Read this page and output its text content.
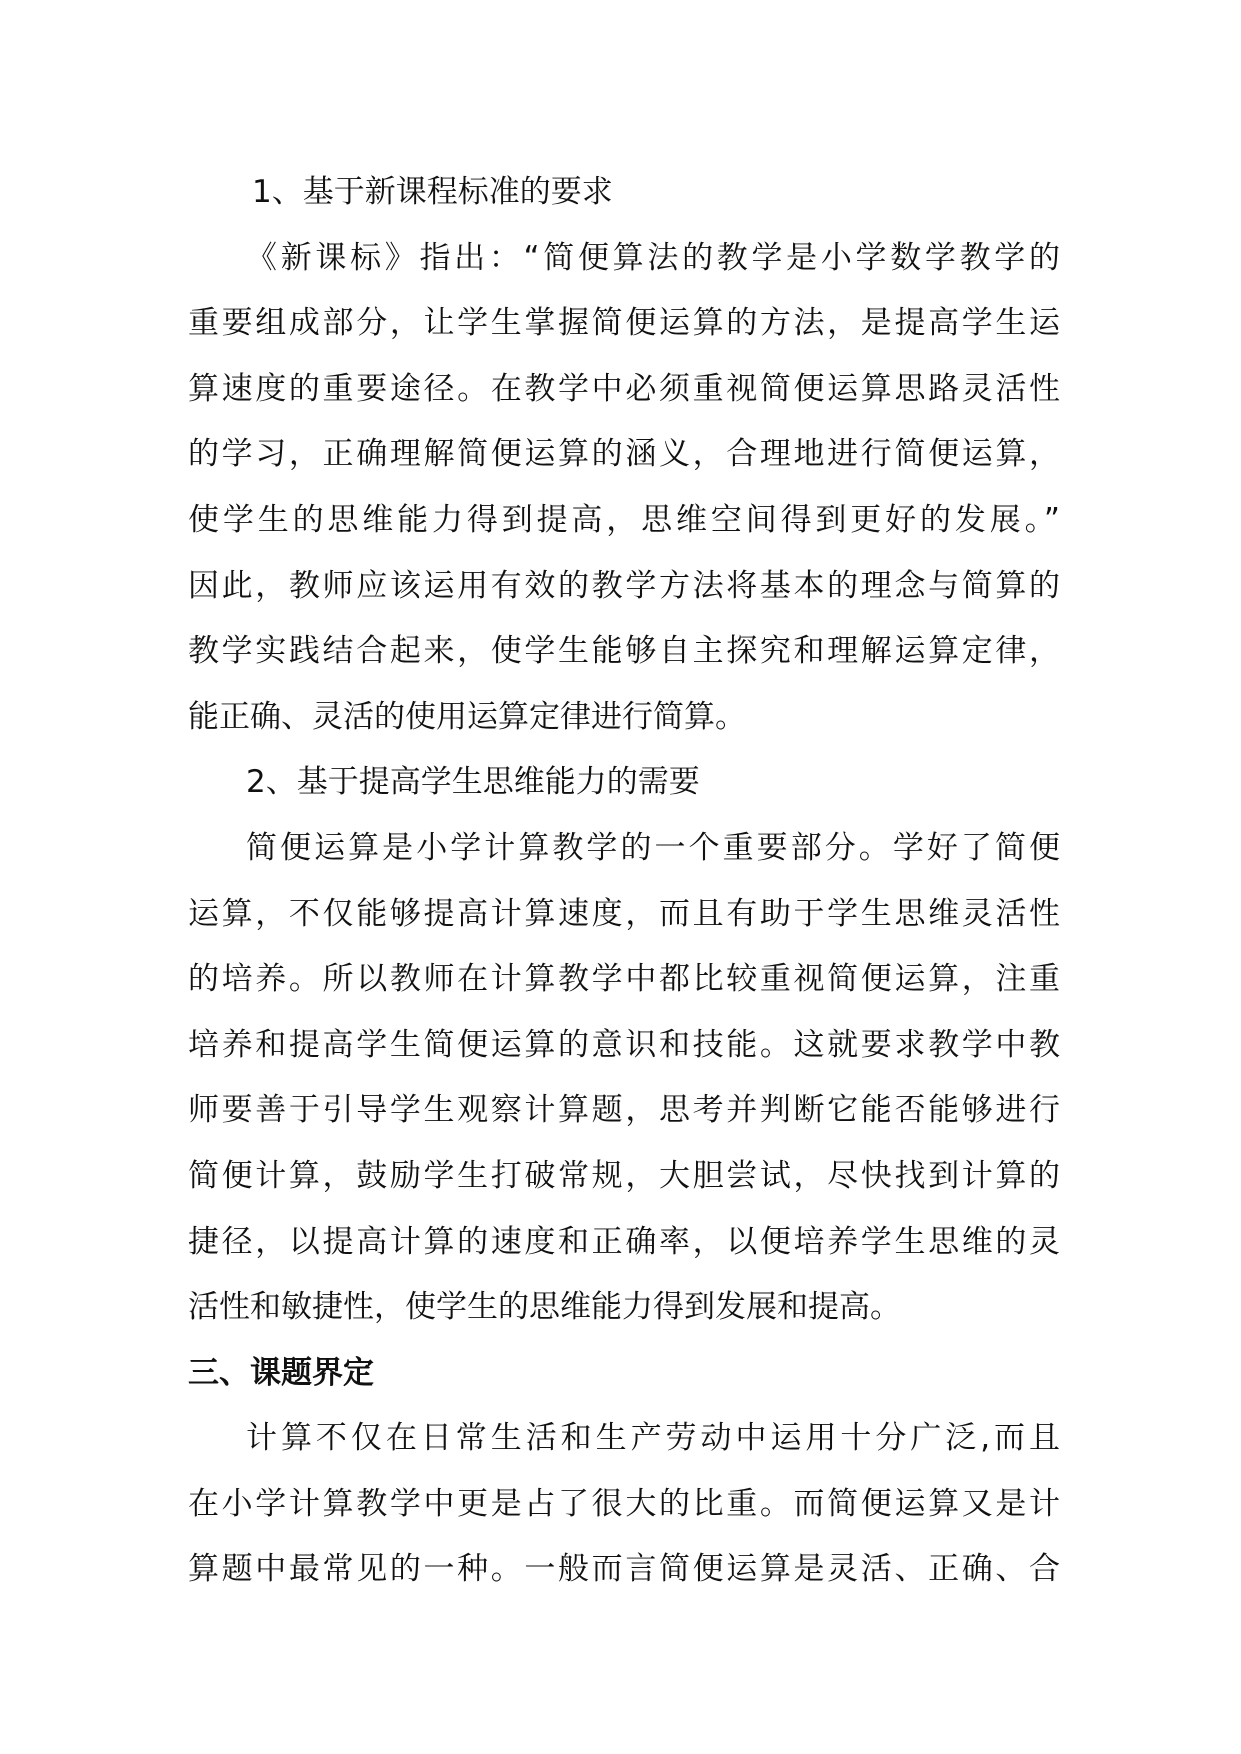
1、基于新课程标准的要求
《新课标》指出：“简便算法的教学是小学数学教学的
重要组成部分，让学生掌握简便运算的方法，是提高学生运
算速度的重要途径。在教学中必须重视简便运算思路灵活性
的学习，正确理解简便运算的涵义，合理地进行简便运算，
使学生的思维能力得到提高，思维空间得到更好的发展。”
因此，教师应该运用有效的教学方法将基本的理念与简算的
教学实践结合起来，使学生能够自主探究和理解运算定律，
能正确、灵活的使用运算定律进行简算。
2、基于提高学生思维能力的需要
简便运算是小学计算教学的一个重要部分。学好了简便
运算，不仅能够提高计算速度，而且有助于学生思维灵活性
的培养。所以教师在计算教学中都比较重视简便运算，注重
培养和提高学生简便运算的意识和技能。这就要求教学中教
师要善于引导学生观察计算题，思考并判断它能否能够进行
简便计算，鼓励学生打破常规，大胆尝试，尽快找到计算的
捷径，以提高计算的速度和正确率，以便培养学生思维的灵
活性和敏捷性，使学生的思维能力得到发展和提高。
三、课题界定
计算不仅在日常生活和生产劳动中运用十分广泛,而且
在小学计算教学中更是占了很大的比重。而简便运算又是计
算题中最常见的一种。一般而言简便运算是灵活、正确、合
